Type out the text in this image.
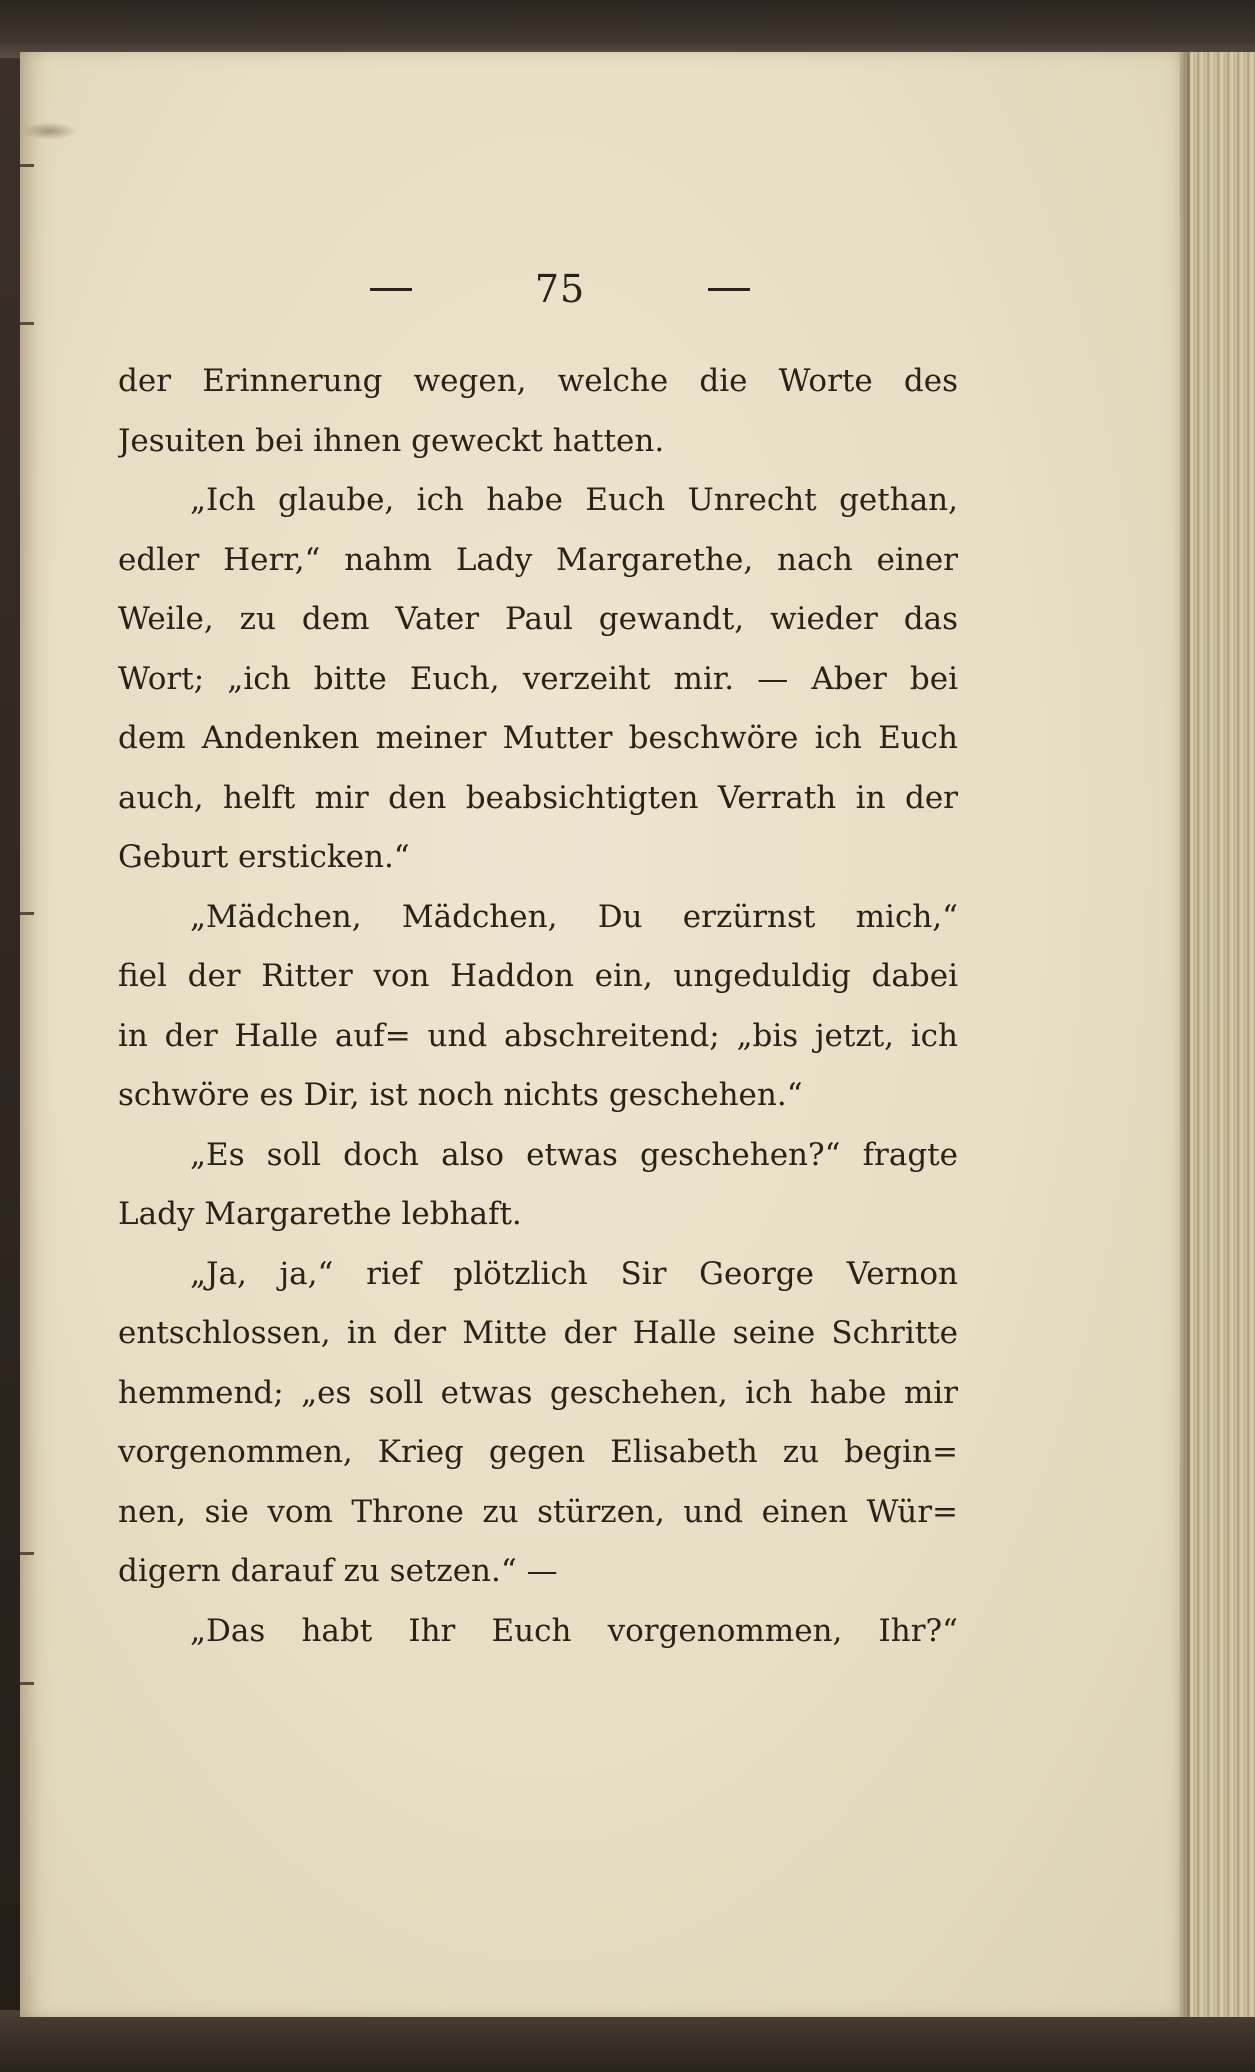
75
der Erinnerung wegen, welche die Worte des
Jesuiten bei ihnen geweckt hatten.
„Ich glaube, ich habe Euch Unrecht gethan,
edler Herr,“ nahm Lady Margarethe, nach einer
Weile, zu dem Vater Paul gewandt, wieder das
Wort; „ich bitte Euch, verzeiht mir. — Aber bei
dem Andenken meiner Mutter beschwöre ich Euch
auch, helft mir den beabsichtigten Verrath in der
Geburt ersticken.“
„Mädchen, Mädchen, Du erzürnst mich,“
fiel der Ritter von Haddon ein, ungeduldig dabei
in der Halle auf= und abschreitend; „bis jetzt, ich
schwöre es Dir, ist noch nichts geschehen.“
„Es soll doch also etwas geschehen?“ fragte
Lady Margarethe lebhaft.
„Ja, ja,“ rief plötzlich Sir George Vernon
entschlossen, in der Mitte der Halle seine Schritte
hemmend; „es soll etwas geschehen, ich habe mir
vorgenommen, Krieg gegen Elisabeth zu begin=
nen, sie vom Throne zu stürzen, und einen Wür=
digern darauf zu setzen.“ —
„Das habt Ihr Euch vorgenommen, Ihr?“
